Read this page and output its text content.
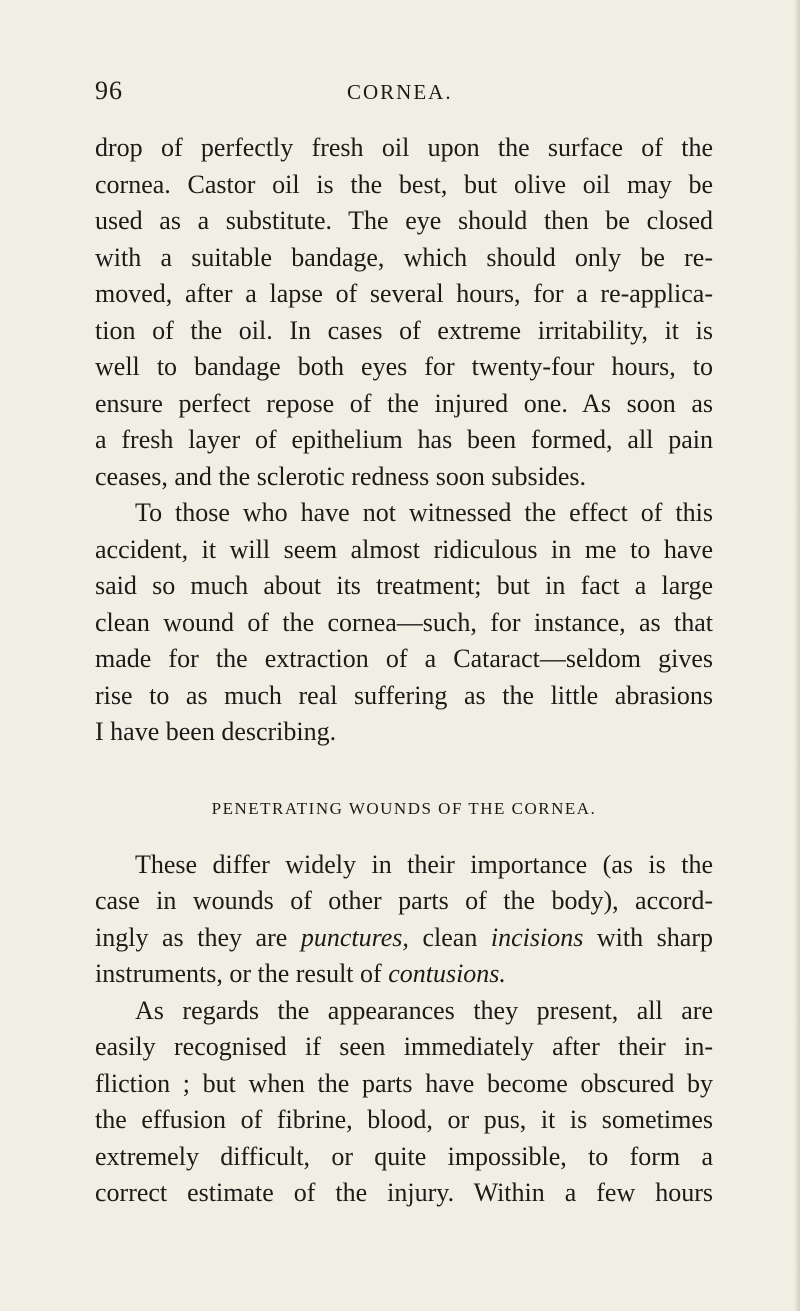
96	CORNEA.

drop of perfectly fresh oil upon the surface of the
cornea. Castor oil is the best, but olive oil may be
used as a substitute. The eye should then be closed
with a suitable bandage, which should only be re-
moved, after a lapse of several hours, for a re-applica-
tion of the oil. In cases of extreme irritability, it is
well to bandage both eyes for twenty-four hours, to
ensure perfect repose of the injured one. As soon as
a fresh layer of epithelium has been formed, all pain
ceases, and the sclerotic redness soon subsides.

To those who have not witnessed the effect of this
accident, it will seem almost ridiculous in me to have
said so much about its treatment; but in fact a large
clean wound of the cornea—such, for instance, as that
made for the extraction of a Cataract—seldom gives
rise to as much real suffering as the little abrasions
I have been describing.

PENETRATING WOUNDS OF THE CORNEA.

These differ widely in their importance (as is the
case in wounds of other parts of the body), accord-
ingly as they are punctures, clean incisions with sharp
instruments, or the result of contusions.

As regards the appearances they present, all are
easily recognised if seen immediately after their in-
fliction ; but when the parts have become obscured by
the effusion of fibrine, blood, or pus, it is sometimes
extremely difficult, or quite impossible, to form a
correct estimate of the injury. Within a few hours
